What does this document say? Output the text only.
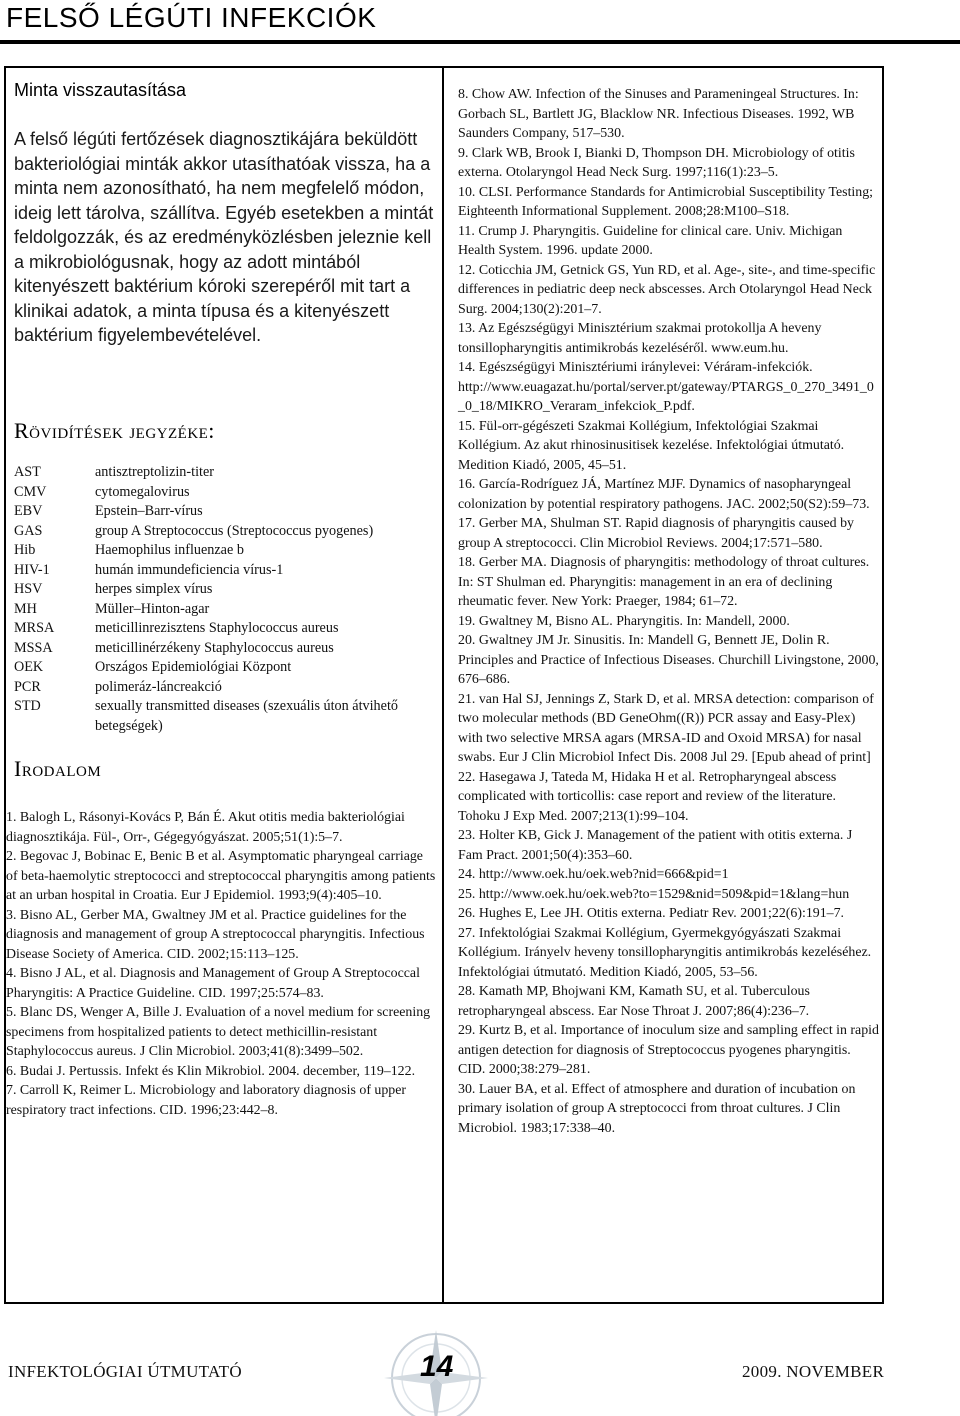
FELSŐ LÉGÚTI INFEKCIÓK
Minta visszautasítása
A felső légúti fertőzések diagnosztikájára beküldött bakteriológiai minták akkor utasíthatóak vissza, ha a minta nem azonosítható, ha nem megfelelő módon, ideig lett tárolva, szállítva. Egyéb esetekben a mintát feldolgozzák, és az eredményközlésben jeleznie kell a mikrobiológusnak, hogy az adott mintából kitenyészett baktérium kóroki szerepéről mit tart a klinikai adatok, a minta típusa és a kitenyészett baktérium figyelembevételével.
Rövidítések jegyzéke:
AST	antisztreptolizin-titer
CMV	cytomegalovirus
EBV	Epstein–Barr-vírus
GAS	group A Streptococcus (Streptococcus pyogenes)
Hib	Haemophilus influenzae b
HIV-1	humán immundeficiencia vírus-1
HSV	herpes simplex vírus
MH	Müller–Hinton-agar
MRSA	meticillinrezisztens Staphylococcus aureus
MSSA	meticillinérzékeny Staphylococcus aureus
OEK	Országos Epidemiológiai Központ
PCR	polimeráz-láncreakció
STD	sexually transmitted diseases (szexuális úton átvihető betegségek)
Irodalom

1. Balogh L, Rásonyi-Kovács P, Bán É. Akut otitis media bakteriológiai diagnosztikája. Fül-, Orr-, Gégegyógyászat. 2005;51(1):5–7.

2. Begovac J, Bobinac E, Benic B et al. Asymptomatic pharyngeal carriage of beta-haemolytic streptococci and streptococcal pharyngitis among patients at an urban hospital in Croatia. Eur J Epidemiol. 1993;9(4):405–10.

3. Bisno AL, Gerber MA, Gwaltney JM et al. Practice guidelines for the diagnosis and management of group A streptococcal pharyngitis. Infectious Disease Society of America. CID. 2002;15:113–125.

4. Bisno J AL, et al. Diagnosis and Management of Group A Streptococcal Pharyngitis: A Practice Guideline. CID. 1997;25:574–83.

5. Blanc DS, Wenger A, Bille J. Evaluation of a novel medium for screening specimens from hospitalized patients to detect methicillin-resistant Staphylococcus aureus. J Clin Microbiol. 2003;41(8):3499–502.

6. Budai J. Pertussis. Infekt és Klin Mikrobiol. 2004. december, 119–122.

7. Carroll K, Reimer L. Microbiology and laboratory diagnosis of upper respiratory tract infections. CID. 1996;23:442–8.

8. Chow AW. Infection of the Sinuses and Parameningeal Structures. In: Gorbach SL, Bartlett JG, Blacklow NR. Infectious Diseases. 1992, WB Saunders Company, 517–530.

9. Clark WB, Brook I, Bianki D, Thompson DH. Microbiology of otitis externa. Otolaryngol Head Neck Surg. 1997;116(1):23–5.

10. CLSI. Performance Standards for Antimicrobial Susceptibility Testing; Eighteenth Informational Supplement. 2008;28:M100–S18.

11. Crump J. Pharyngitis. Guideline for clinical care. Univ. Michigan Health System. 1996. update 2000.

12. Coticchia JM, Getnick GS, Yun RD, et al. Age-, site-, and time-specific differences in pediatric deep neck abscesses. Arch Otolaryngol Head Neck Surg. 2004;130(2):201–7.

13. Az Egészségügyi Minisztérium szakmai protokollja A heveny tonsillopharyngitis antimikrobás kezeléséről. www.eum.hu.

14. Egészségügyi Minisztériumi iránylevei: Véráram-infekciók. http://www.euagazat.hu/portal/server.pt/gateway/PTARGS_0_270_3491_0_0_18/MIKRO_Veraram_infekciok_P.pdf.

15. Fül-orr-gégészeti Szakmai Kollégium, Infektológiai Szakmai Kollégium. Az akut rhinosinusitisek kezelése. Infektológiai útmutató. Medition Kiadó, 2005, 45–51.

16. García-Rodríguez JÁ, Martínez MJF. Dynamics of nasopharyngeal colonization by potential respiratory pathogens. JAC. 2002;50(S2):59–73.

17. Gerber MA, Shulman ST. Rapid diagnosis of pharyngitis caused by group A streptococci. Clin Microbiol Reviews. 2004;17:571–580.

18. Gerber MA. Diagnosis of pharyngitis: methodology of throat cultures. In: ST Shulman ed. Pharyngitis: management in an era of declining rheumatic fever. New York: Praeger, 1984; 61–72.

19. Gwaltney M, Bisno AL. Pharyngitis. In: Mandell, 2000.

20. Gwaltney JM Jr. Sinusitis. In: Mandell G, Bennett JE, Dolin R. Principles and Practice of Infectious Diseases. Churchill Livingstone, 2000, 676–686.

21. van Hal SJ, Jennings Z, Stark D, et al. MRSA detection: comparison of two molecular methods (BD GeneOhm((R)) PCR assay and Easy-Plex) with two selective MRSA agars (MRSA-ID and Oxoid MRSA) for nasal swabs. Eur J Clin Microbiol Infect Dis. 2008 Jul 29. [Epub ahead of print]

22. Hasegawa J, Tateda M, Hidaka H et al. Retropharyngeal abscess complicated with torticollis: case report and review of the literature. Tohoku J Exp Med. 2007;213(1):99–104.

23. Holter KB, Gick J. Management of the patient with otitis externa. J Fam Pract. 2001;50(4):353–60.

24. http://www.oek.hu/oek.web?nid=666&pid=1

25. http://www.oek.hu/oek.web?to=1529&nid=509&pid=1&lang=hun

26. Hughes E, Lee JH. Otitis externa. Pediatr Rev. 2001;22(6):191–7.

27. Infektológiai Szakmai Kollégium, Gyermekgyógyászati Szakmai Kollégium. Irányelv heveny tonsillopharyngitis antimikrobás kezeléséhez. Infektológiai útmutató. Medition Kiadó, 2005, 53–56.

28. Kamath MP, Bhojwani KM, Kamath SU, et al. Tuberculous retropharyngeal abscess. Ear Nose Throat J. 2007;86(4):236–7.

29. Kurtz B, et al. Importance of inoculum size and sampling effect in rapid antigen detection for diagnosis of Streptococcus pyogenes pharyngitis. CID. 2000;38:279–281.

30. Lauer BA, et al. Effect of atmosphere and duration of incubation on primary isolation of group A streptococci from throat cultures. J Clin Microbiol. 1983;17:338–40.

INFEKTOLÓGIAI ÚTMUTATÓ	14	2009. NOVEMBER
